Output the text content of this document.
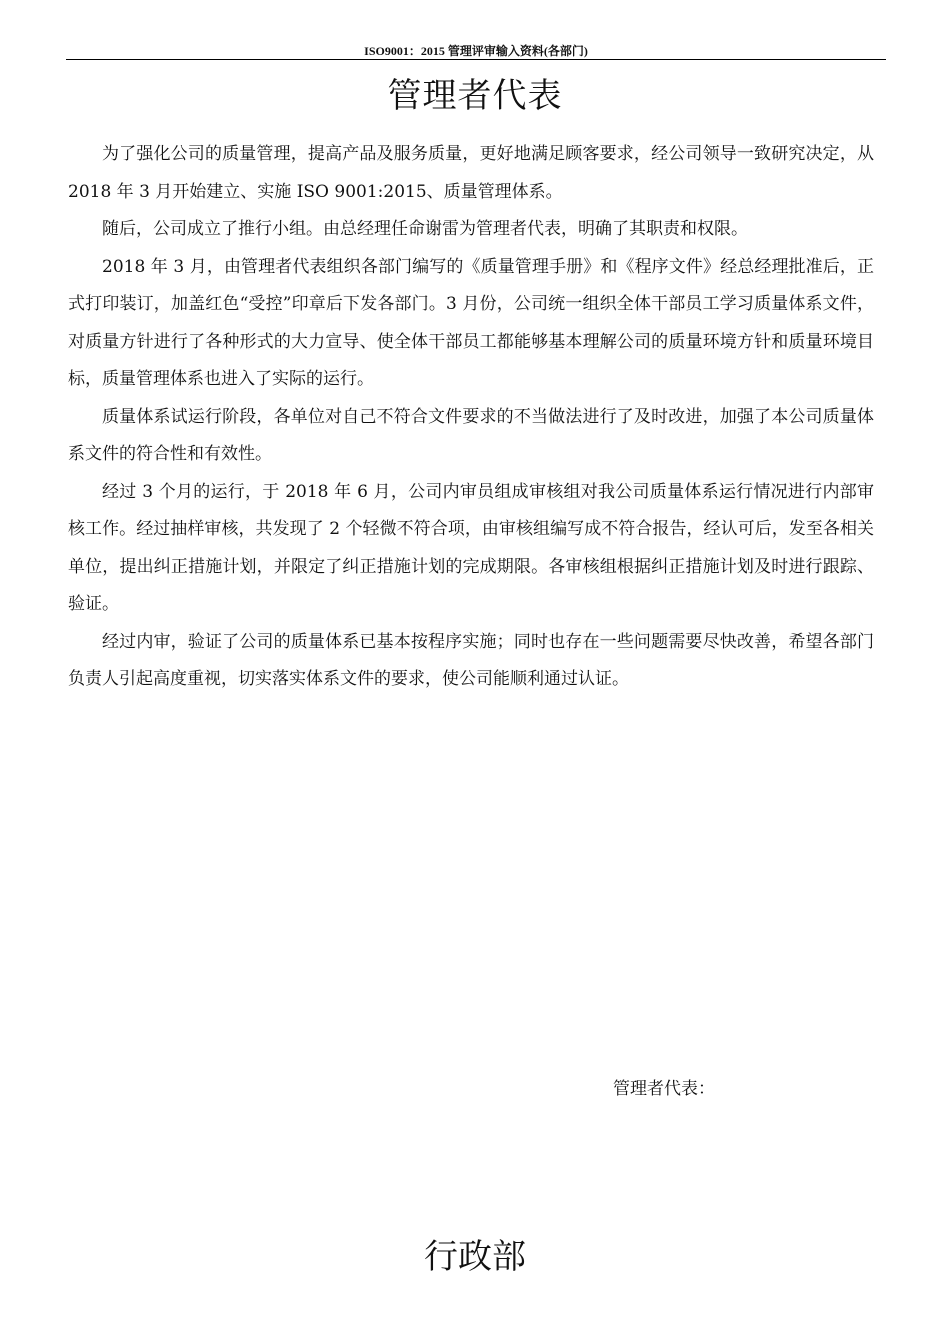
ISO9001：2015 管理评审输入资料(各部门)
管理者代表

为了强化公司的质量管理，提高产品及服务质量，更好地满足顾客要求，经公司领导一致研究决定，从 2018 年 3 月开始建立、实施 ISO 9001:2015、质量管理体系。

随后，公司成立了推行小组。由总经理任命谢雷为管理者代表，明确了其职责和权限。

2018 年 3 月，由管理者代表组织各部门编写的《质量管理手册》和《程序文件》经总经理批准后，正式打印装订，加盖红色“受控”印章后下发各部门。3 月份，公司统一组织全体干部员工学习质量体系文件，对质量方针进行了各种形式的大力宣导、使全体干部员工都能够基本理解公司的质量环境方针和质量环境目标，质量管理体系也进入了实际的运行。

质量体系试运行阶段，各单位对自己不符合文件要求的不当做法进行了及时改进，加强了本公司质量体系文件的符合性和有效性。

经过 3 个月的运行，于 2018 年 6 月，公司内审员组成审核组对我公司质量体系运行情况进行内部审核工作。经过抽样审核，共发现了 2 个轻微不符合项，由审核组编写成不符合报告，经认可后，发至各相关单位，提出纠正措施计划，并限定了纠正措施计划的完成期限。各审核组根据纠正措施计划及时进行跟踪、验证。

经过内审，验证了公司的质量体系已基本按程序实施；同时也存在一些问题需要尽快改善，希望各部门负责人引起高度重视，切实落实体系文件的要求，使公司能顺利通过认证。

管理者代表：
行政部
